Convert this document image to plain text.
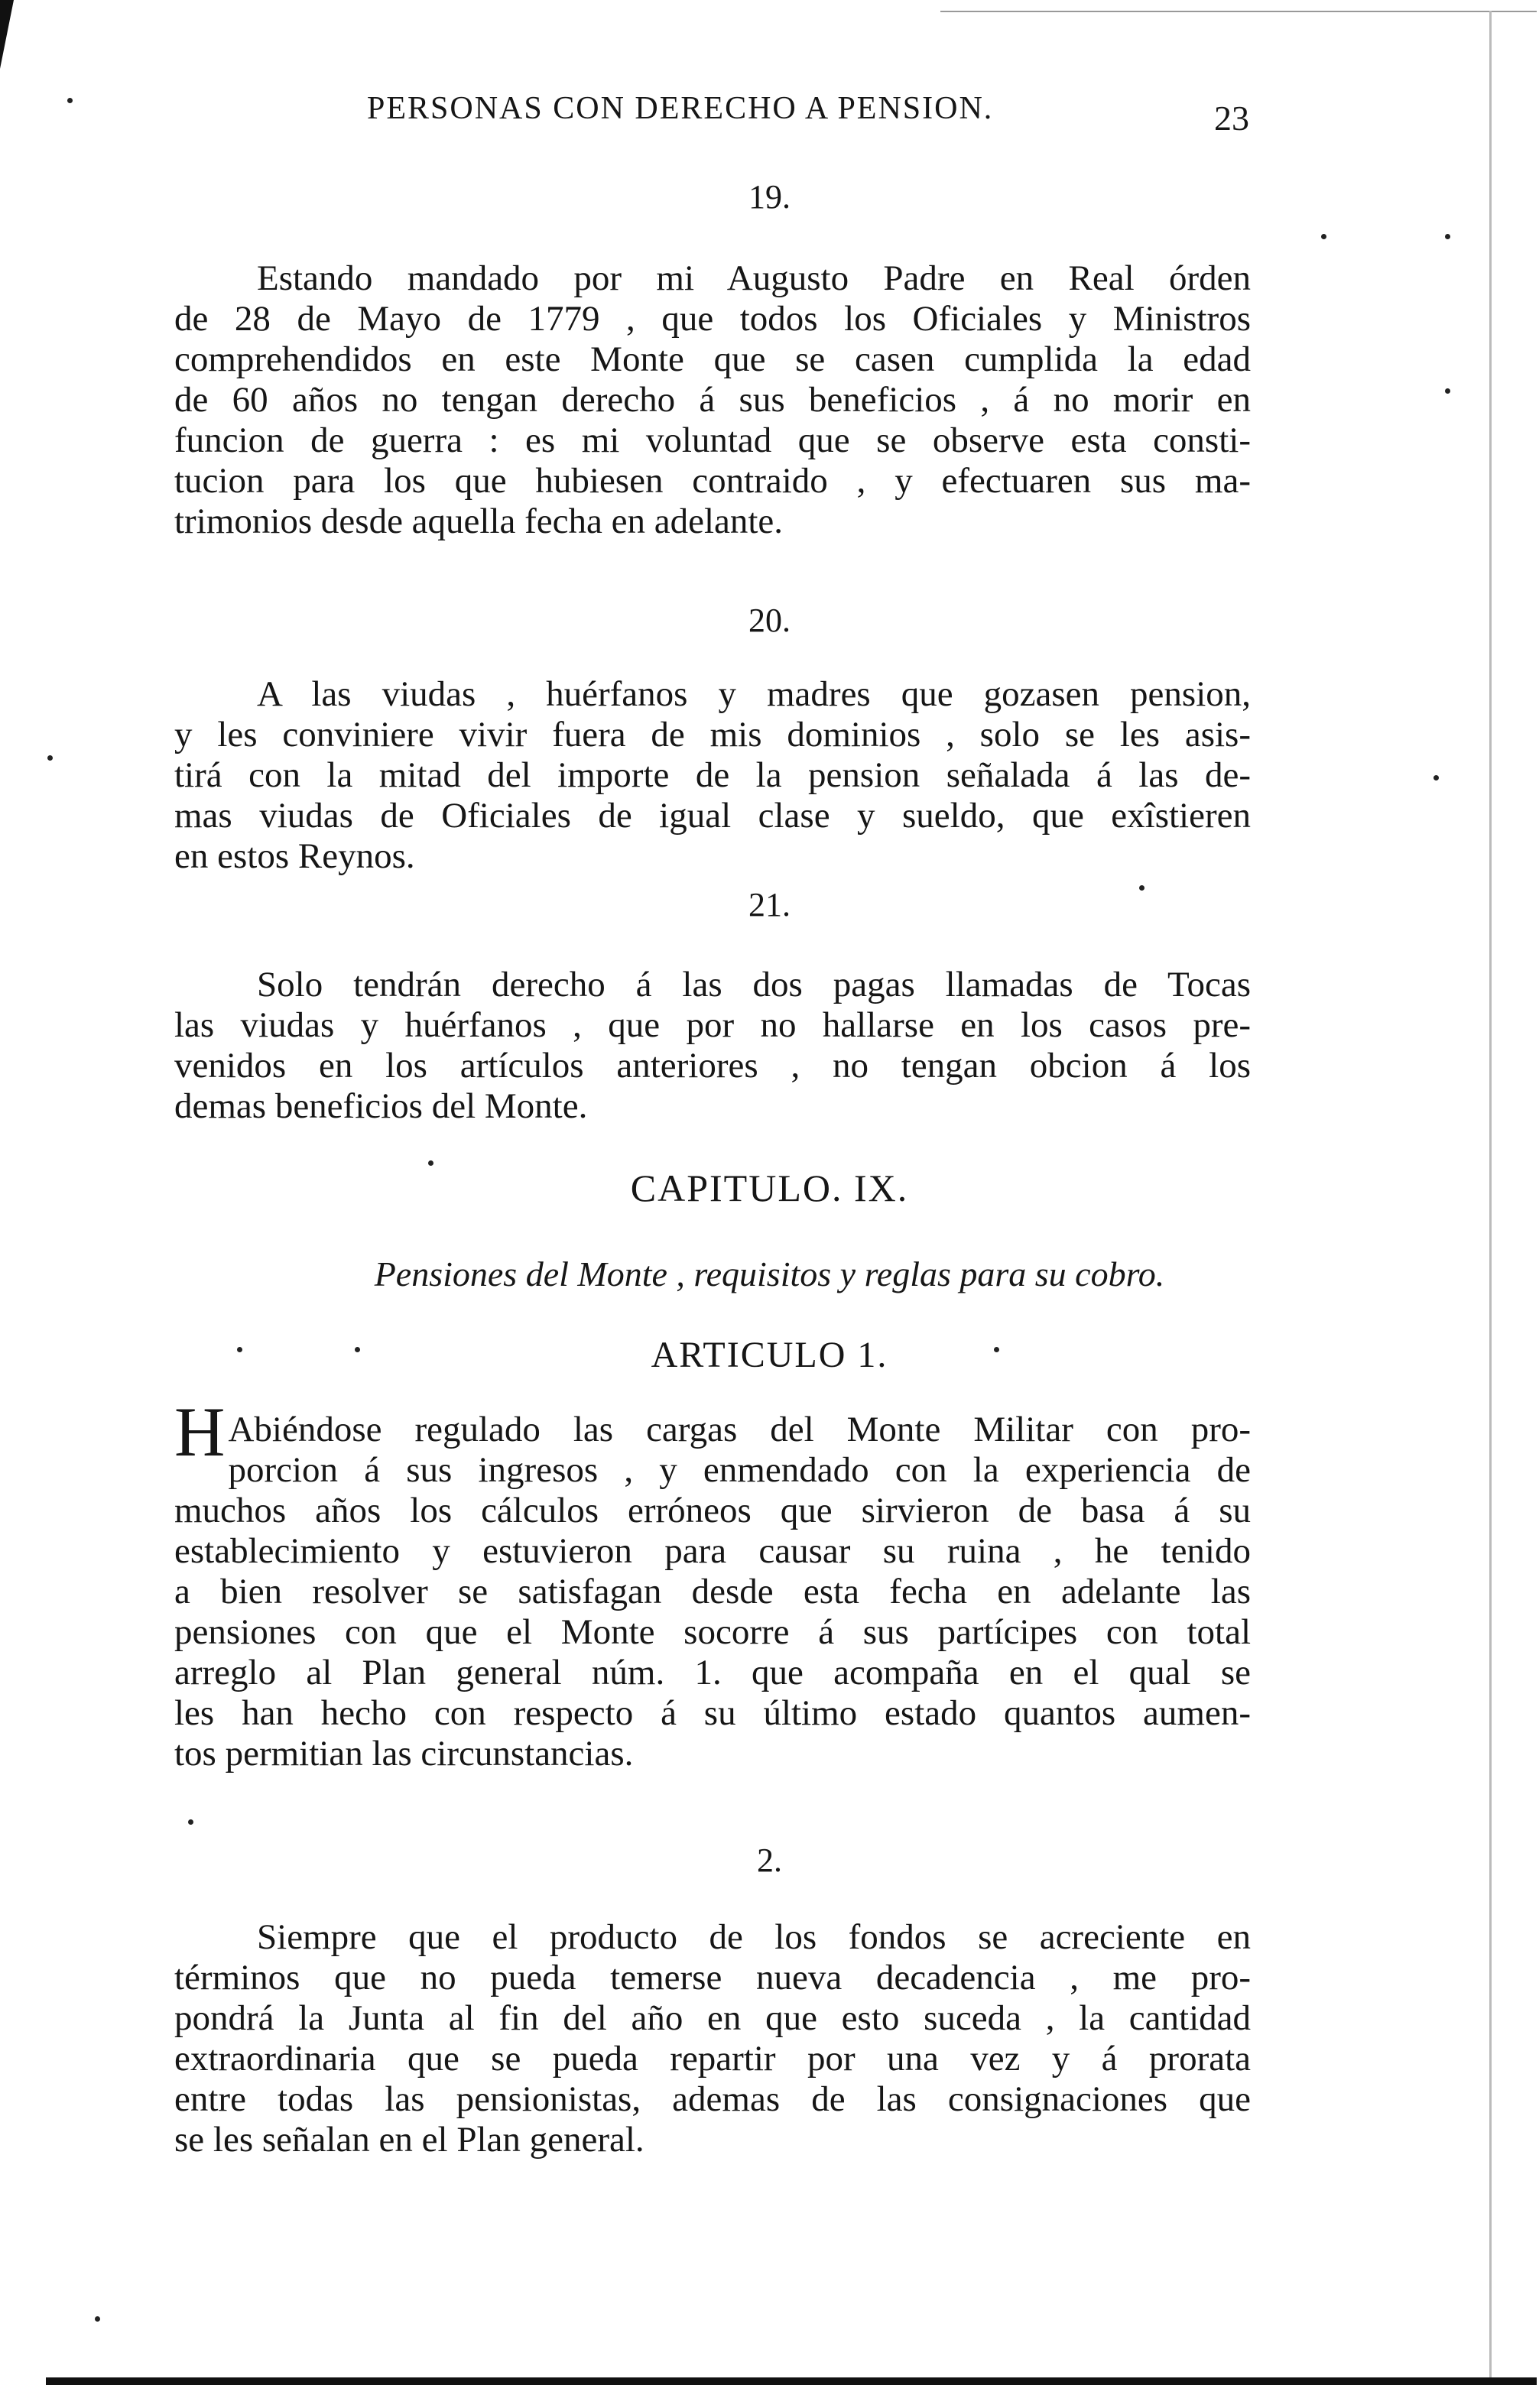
PERSONAS CON DERECHO A PENSION.	23
19.
Estando mandado por mi Augusto Padre en Real órden
de 28 de Mayo de 1779 , que todos los Oficiales y Ministros
comprehendidos en este Monte que se casen cumplida la edad
de 60 años no tengan derecho á sus beneficios , á no morir en
funcion de guerra : es mi voluntad que se observe esta consti-
tucion para los que hubiesen contraido , y efectuaren sus ma-
trimonios desde aquella fecha en adelante.
20.
A las viudas , huérfanos y madres que gozasen pension,
y les conviniere vivir fuera de mis dominios , solo se les asis-
tirá con la mitad del importe de la pension señalada á las de-
mas viudas de Oficiales de igual clase y sueldo, que exîstieren
en estos Reynos.
21.
Solo tendrán derecho á las dos pagas llamadas de Tocas
las viudas y huérfanos , que por no hallarse en los casos pre-
venidos en los artículos anteriores , no tengan obcion á los
demas beneficios del Monte.
CAPITULO. IX.
Pensiones del Monte , requisitos y reglas para su cobro.
ARTICULO 1.
H Abiéndose regulado las cargas del Monte Militar con pro-
porcion á sus ingresos , y enmendado con la experiencia de
muchos años los cálculos erróneos que sirvieron de basa á su
establecimiento y estuvieron para causar su ruina , he tenido
a bien resolver se satisfagan desde esta fecha en adelante las
pensiones con que el Monte socorre á sus partícipes con total
arreglo al Plan general núm. 1. que acompaña en el qual se
les han hecho con respecto á su último estado quantos aumen-
tos permitian las circunstancias.
2.
Siempre que el producto de los fondos se acreciente en
términos que no pueda temerse nueva decadencia , me pro-
pondrá la Junta al fin del año en que esto suceda , la cantidad
extraordinaria que se pueda repartir por una vez y á prorata
entre todas las pensionistas, ademas de las consignaciones que
se les señalan en el Plan general.
